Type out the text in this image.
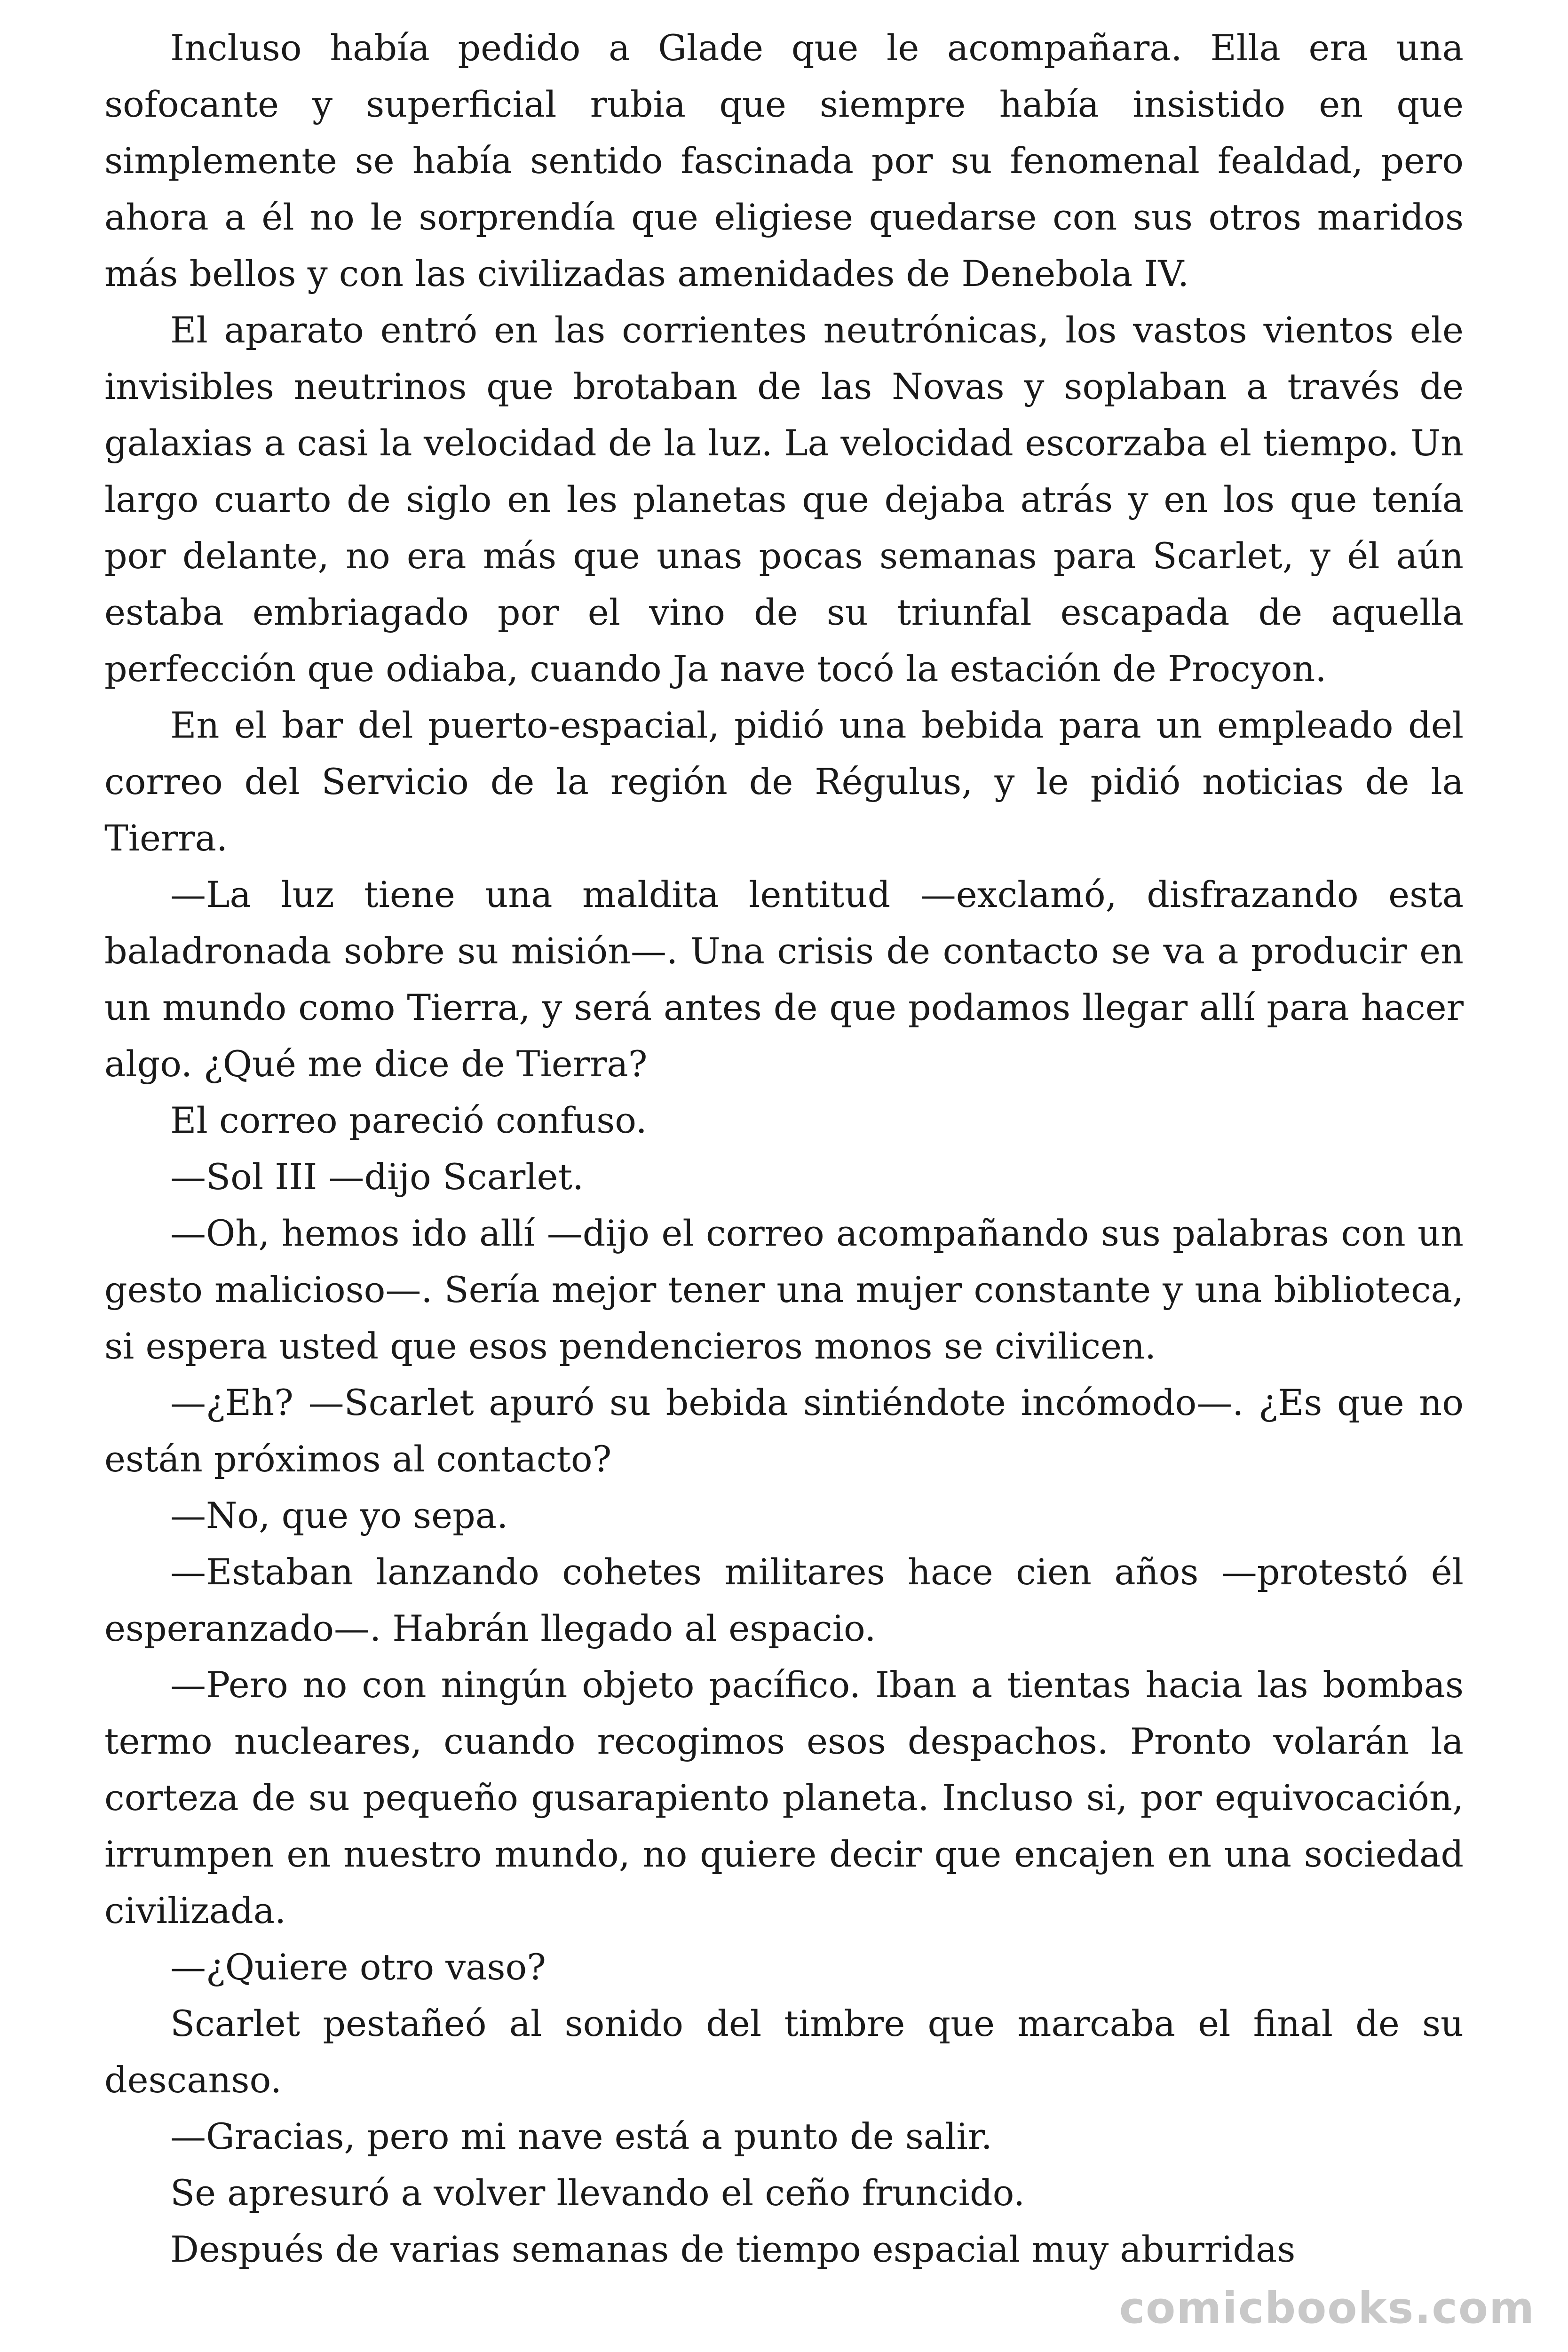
Incluso había pedido a Glade que le acompañara. Ella era una sofocante y superficial rubia que siempre había insistido en que simplemente se había sentido fascinada por su fenomenal fealdad, pero ahora a él no le sorprendía que eligiese quedarse con sus otros maridos más bellos y con las civilizadas amenidades de Denebola IV.

El aparato entró en las corrientes neutrónicas, los vastos vientos ele invisibles neutrinos que brotaban de las Novas y soplaban a través de galaxias a casi la velocidad de la luz. La velocidad escorzaba el tiempo. Un largo cuarto de siglo en les planetas que dejaba atrás y en los que tenía por delante, no era más que unas pocas semanas para Scarlet, y él aún estaba embriagado por el vino de su triunfal escapada de aquella perfección que odiaba, cuando Ja nave tocó la estación de Procyon.

En el bar del puerto-espacial, pidió una bebida para un empleado del correo del Servicio de la región de Régulus, y le pidió noticias de la Tierra.

—La luz tiene una maldita lentitud —exclamó, disfrazando esta baladronada sobre su misión—. Una crisis de contacto se va a producir en un mundo como Tierra, y será antes de que podamos llegar allí para hacer algo. ¿Qué me dice de Tierra?

El correo pareció confuso.

—Sol III —dijo Scarlet.

—Oh, hemos ido allí —dijo el correo acompañando sus palabras con un gesto malicioso—. Sería mejor tener una mujer constante y una biblioteca, si espera usted que esos pendencieros monos se civilicen.

—¿Eh? —Scarlet apuró su bebida sintiéndote incómodo—. ¿Es que no están próximos al contacto?

—No, que yo sepa.

—Estaban lanzando cohetes militares hace cien años —protestó él esperanzado—. Habrán llegado al espacio.

—Pero no con ningún objeto pacífico. Iban a tientas hacia las bombas termo nucleares, cuando recogimos esos despachos. Pronto volarán la corteza de su pequeño gusarapiento planeta. Incluso si, por equivocación, irrumpen en nuestro mundo, no quiere decir que encajen en una sociedad civilizada.

—¿Quiere otro vaso?

Scarlet pestañeó al sonido del timbre que marcaba el final de su descanso.

—Gracias, pero mi nave está a punto de salir.

Se apresuró a volver llevando el ceño fruncido.

Después de varias semanas de tiempo espacial muy aburridas

comicbooks.com
